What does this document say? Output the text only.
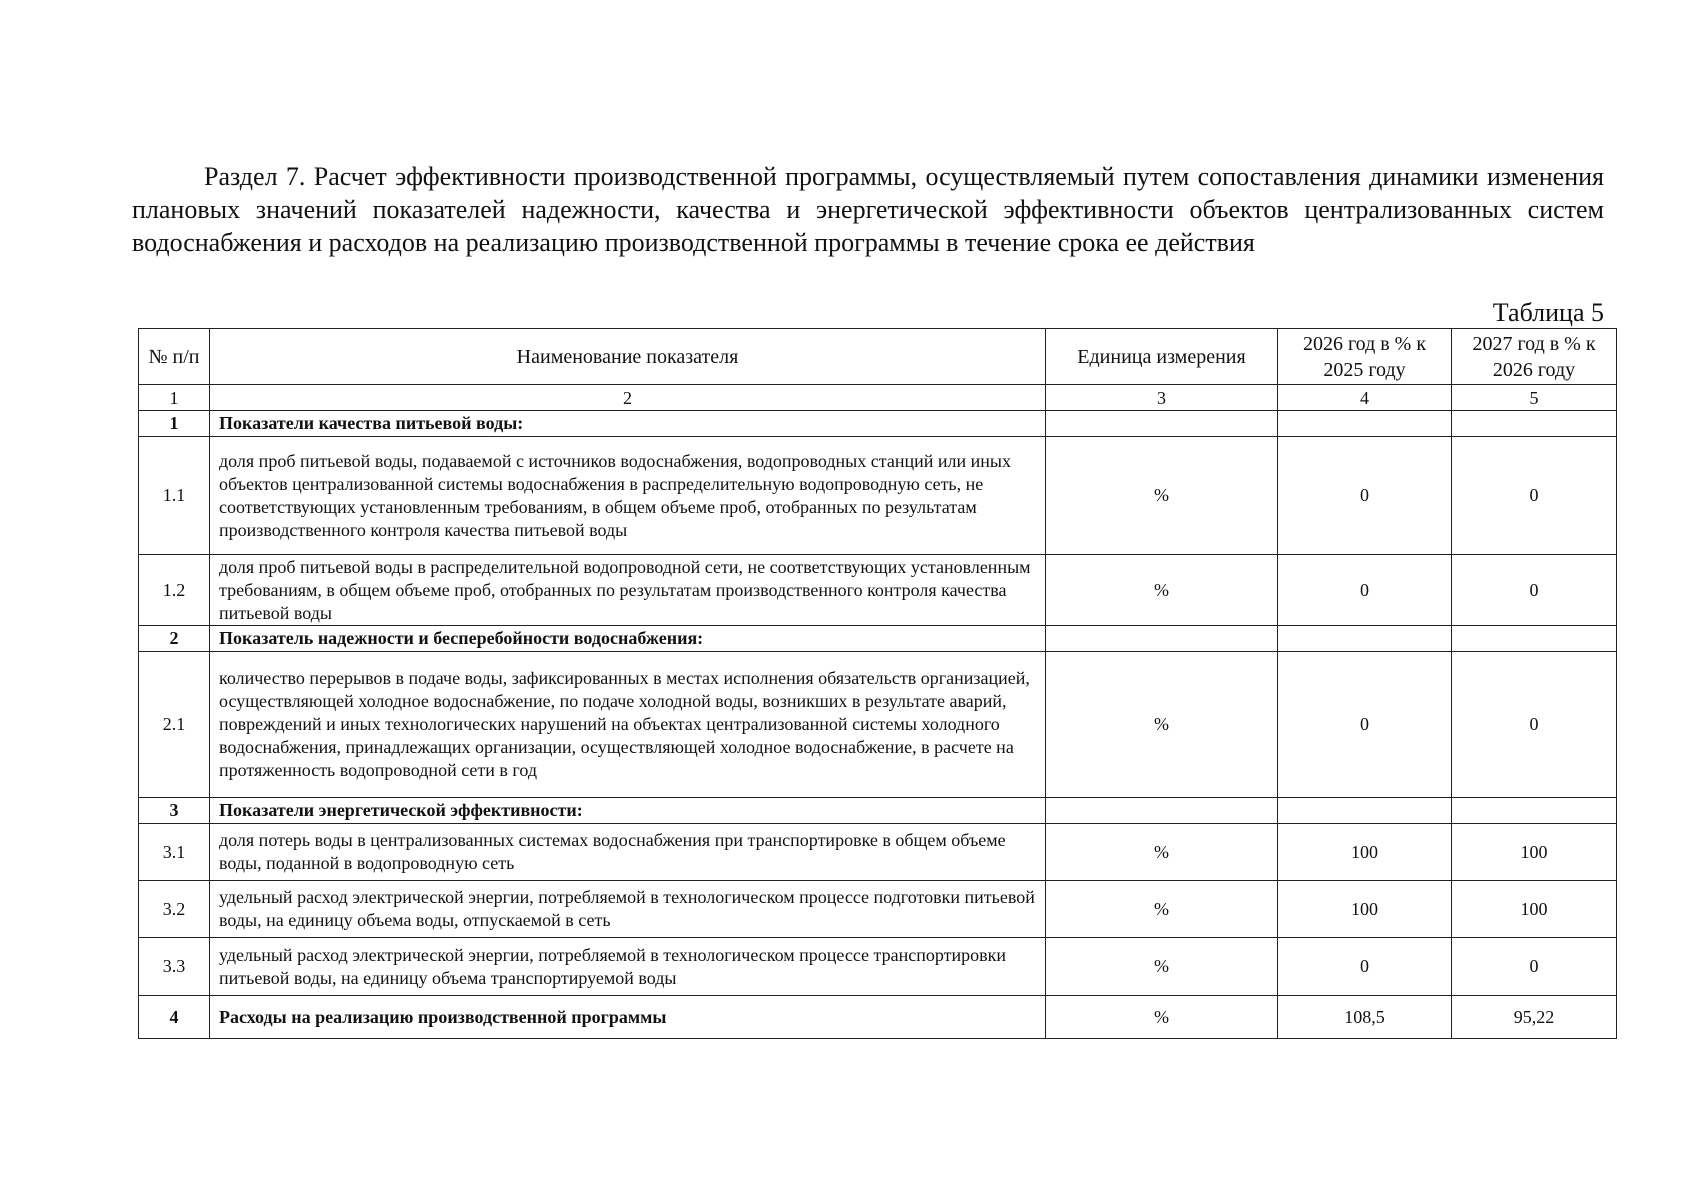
Раздел 7. Расчет эффективности производственной программы, осуществляемый путем сопоставления динамики изменения плановых значений показателей надежности, качества и энергетической эффективности объектов централизованных систем водоснабжения и расходов на реализацию производственной программы в течение срока ее действия
Таблица 5
№ п/п	Наименование показателя	Единица измерения	2026 год в % к 2025 году	2027 год в % к 2026 году
1	2	3	4	5
1	Показатели качества питьевой воды:			
1.1	доля проб питьевой воды, подаваемой с источников водоснабжения, водопроводных станций или иных объектов централизованной системы водоснабжения в распределительную водопроводную сеть, не соответствующих установленным требованиям, в общем объеме проб, отобранных по результатам производственного контроля качества питьевой воды	%	0	0
1.2	доля проб питьевой воды в распределительной водопроводной сети, не соответствующих установленным требованиям, в общем объеме проб, отобранных по результатам производственного контроля качества питьевой воды	%	0	0
2	Показатель надежности и бесперебойности водоснабжения:			
2.1	количество перерывов в подаче воды, зафиксированных в местах исполнения обязательств организацией, осуществляющей холодное водоснабжение, по подаче холодной воды, возникших в результате аварий, повреждений и иных технологических нарушений на объектах централизованной системы холодного водоснабжения, принадлежащих организации, осуществляющей холодное водоснабжение, в расчете на протяженность водопроводной сети в год	%	0	0
3	Показатели энергетической эффективности:			
3.1	доля потерь воды в централизованных системах водоснабжения при транспортировке в общем объеме воды, поданной в водопроводную сеть	%	100	100
3.2	удельный расход электрической энергии, потребляемой в технологическом процессе подготовки питьевой воды, на единицу объема воды, отпускаемой в сеть	%	100	100
3.3	удельный расход электрической энергии, потребляемой в технологическом процессе транспортировки питьевой воды, на единицу объема транспортируемой воды	%	0	0
4	Расходы на реализацию производственной программы	%	108,5	95,22
